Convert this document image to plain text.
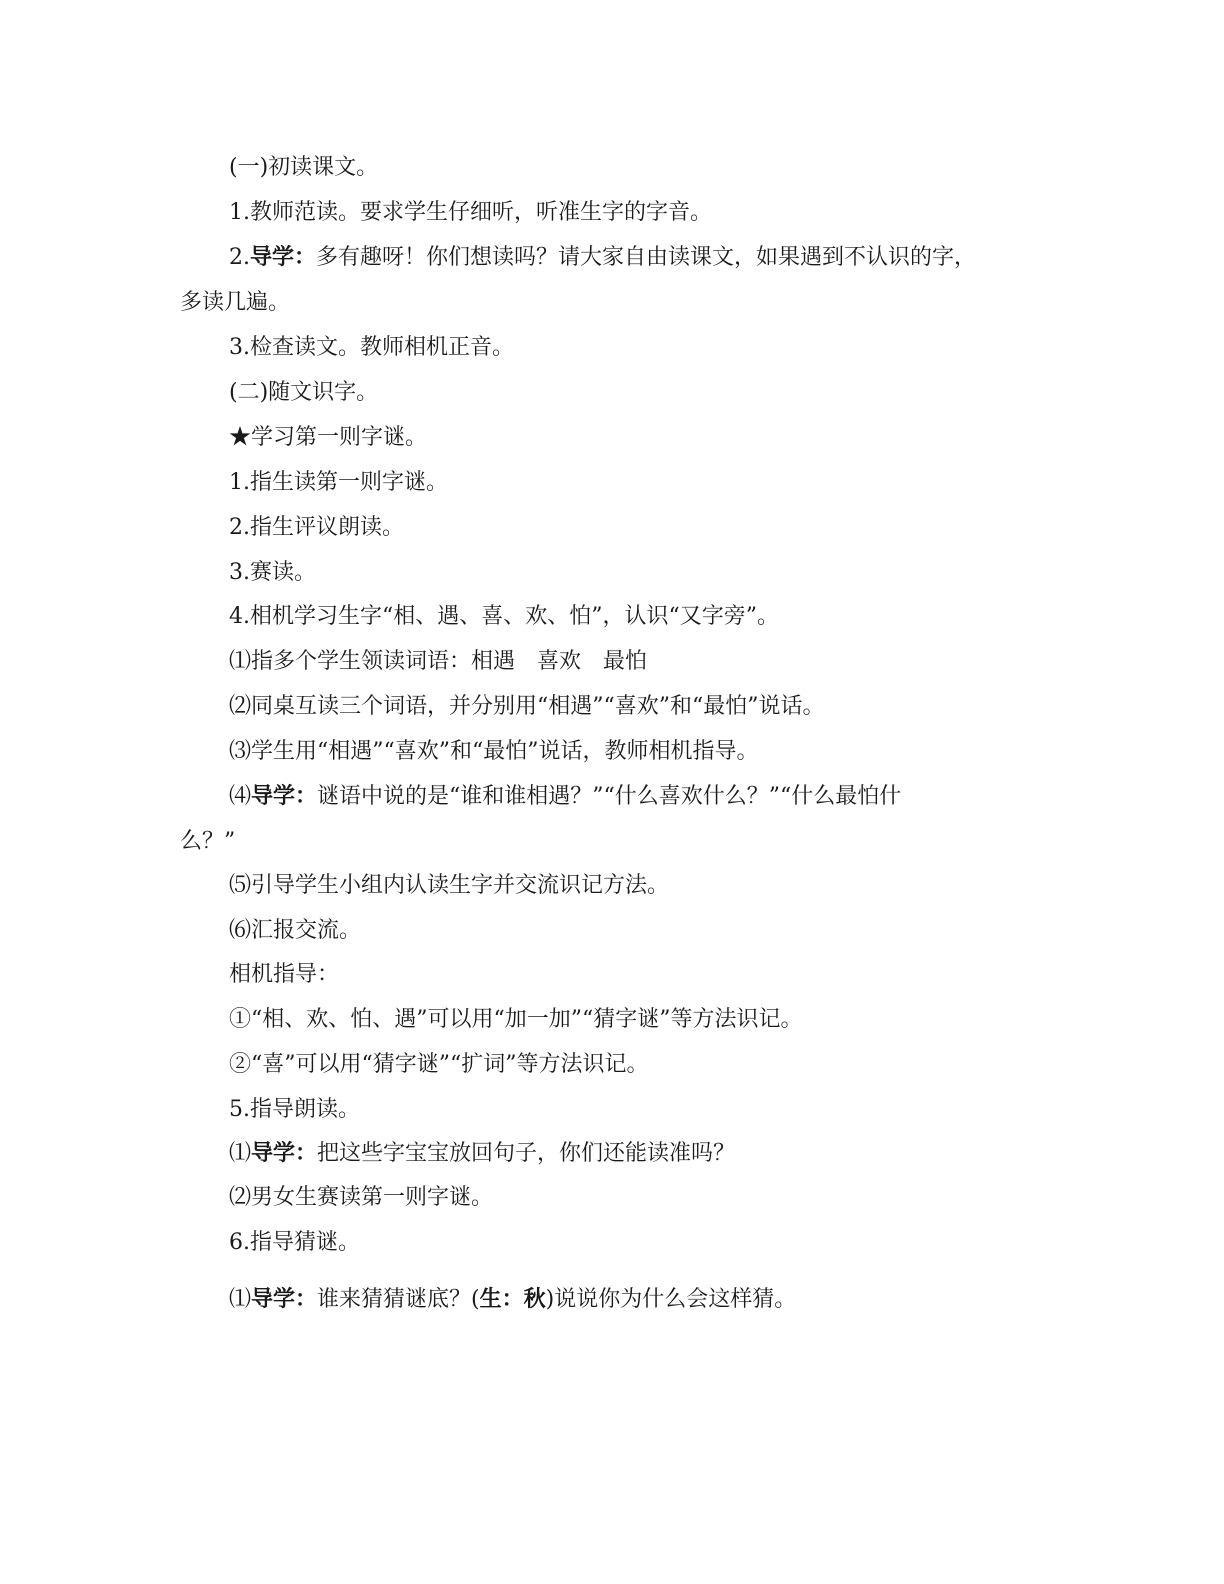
(一)初读课文。
1.教师范读。要求学生仔细听，听准生字的字音。
2.导学：多有趣呀！你们想读吗？请大家自由读课文，如果遇到不认识的字，
多读几遍。
3.检查读文。教师相机正音。
(二)随文识字。
★学习第一则字谜。
1.指生读第一则字谜。
2.指生评议朗读。
3.赛读。
4.相机学习生字“相、遇、喜、欢、怕”，认识“又字旁”。
⑴指多个学生领读词语：相遇　喜欢　最怕
⑵同桌互读三个词语，并分别用“相遇”“喜欢”和“最怕”说话。
⑶学生用“相遇”“喜欢”和“最怕”说话，教师相机指导。
⑷导学：谜语中说的是“谁和谁相遇？”“什么喜欢什么？”“什么最怕什
么？”
⑸引导学生小组内认读生字并交流识记方法。
⑹汇报交流。
相机指导：
①“相、欢、怕、遇”可以用“加一加”“猜字谜”等方法识记。
②“喜”可以用“猜字谜”“扩词”等方法识记。
5.指导朗读。
⑴导学：把这些字宝宝放回句子，你们还能读准吗？
⑵男女生赛读第一则字谜。
6.指导猜谜。
⑴导学：谁来猜猜谜底？(生：秋)说说你为什么会这样猜。
